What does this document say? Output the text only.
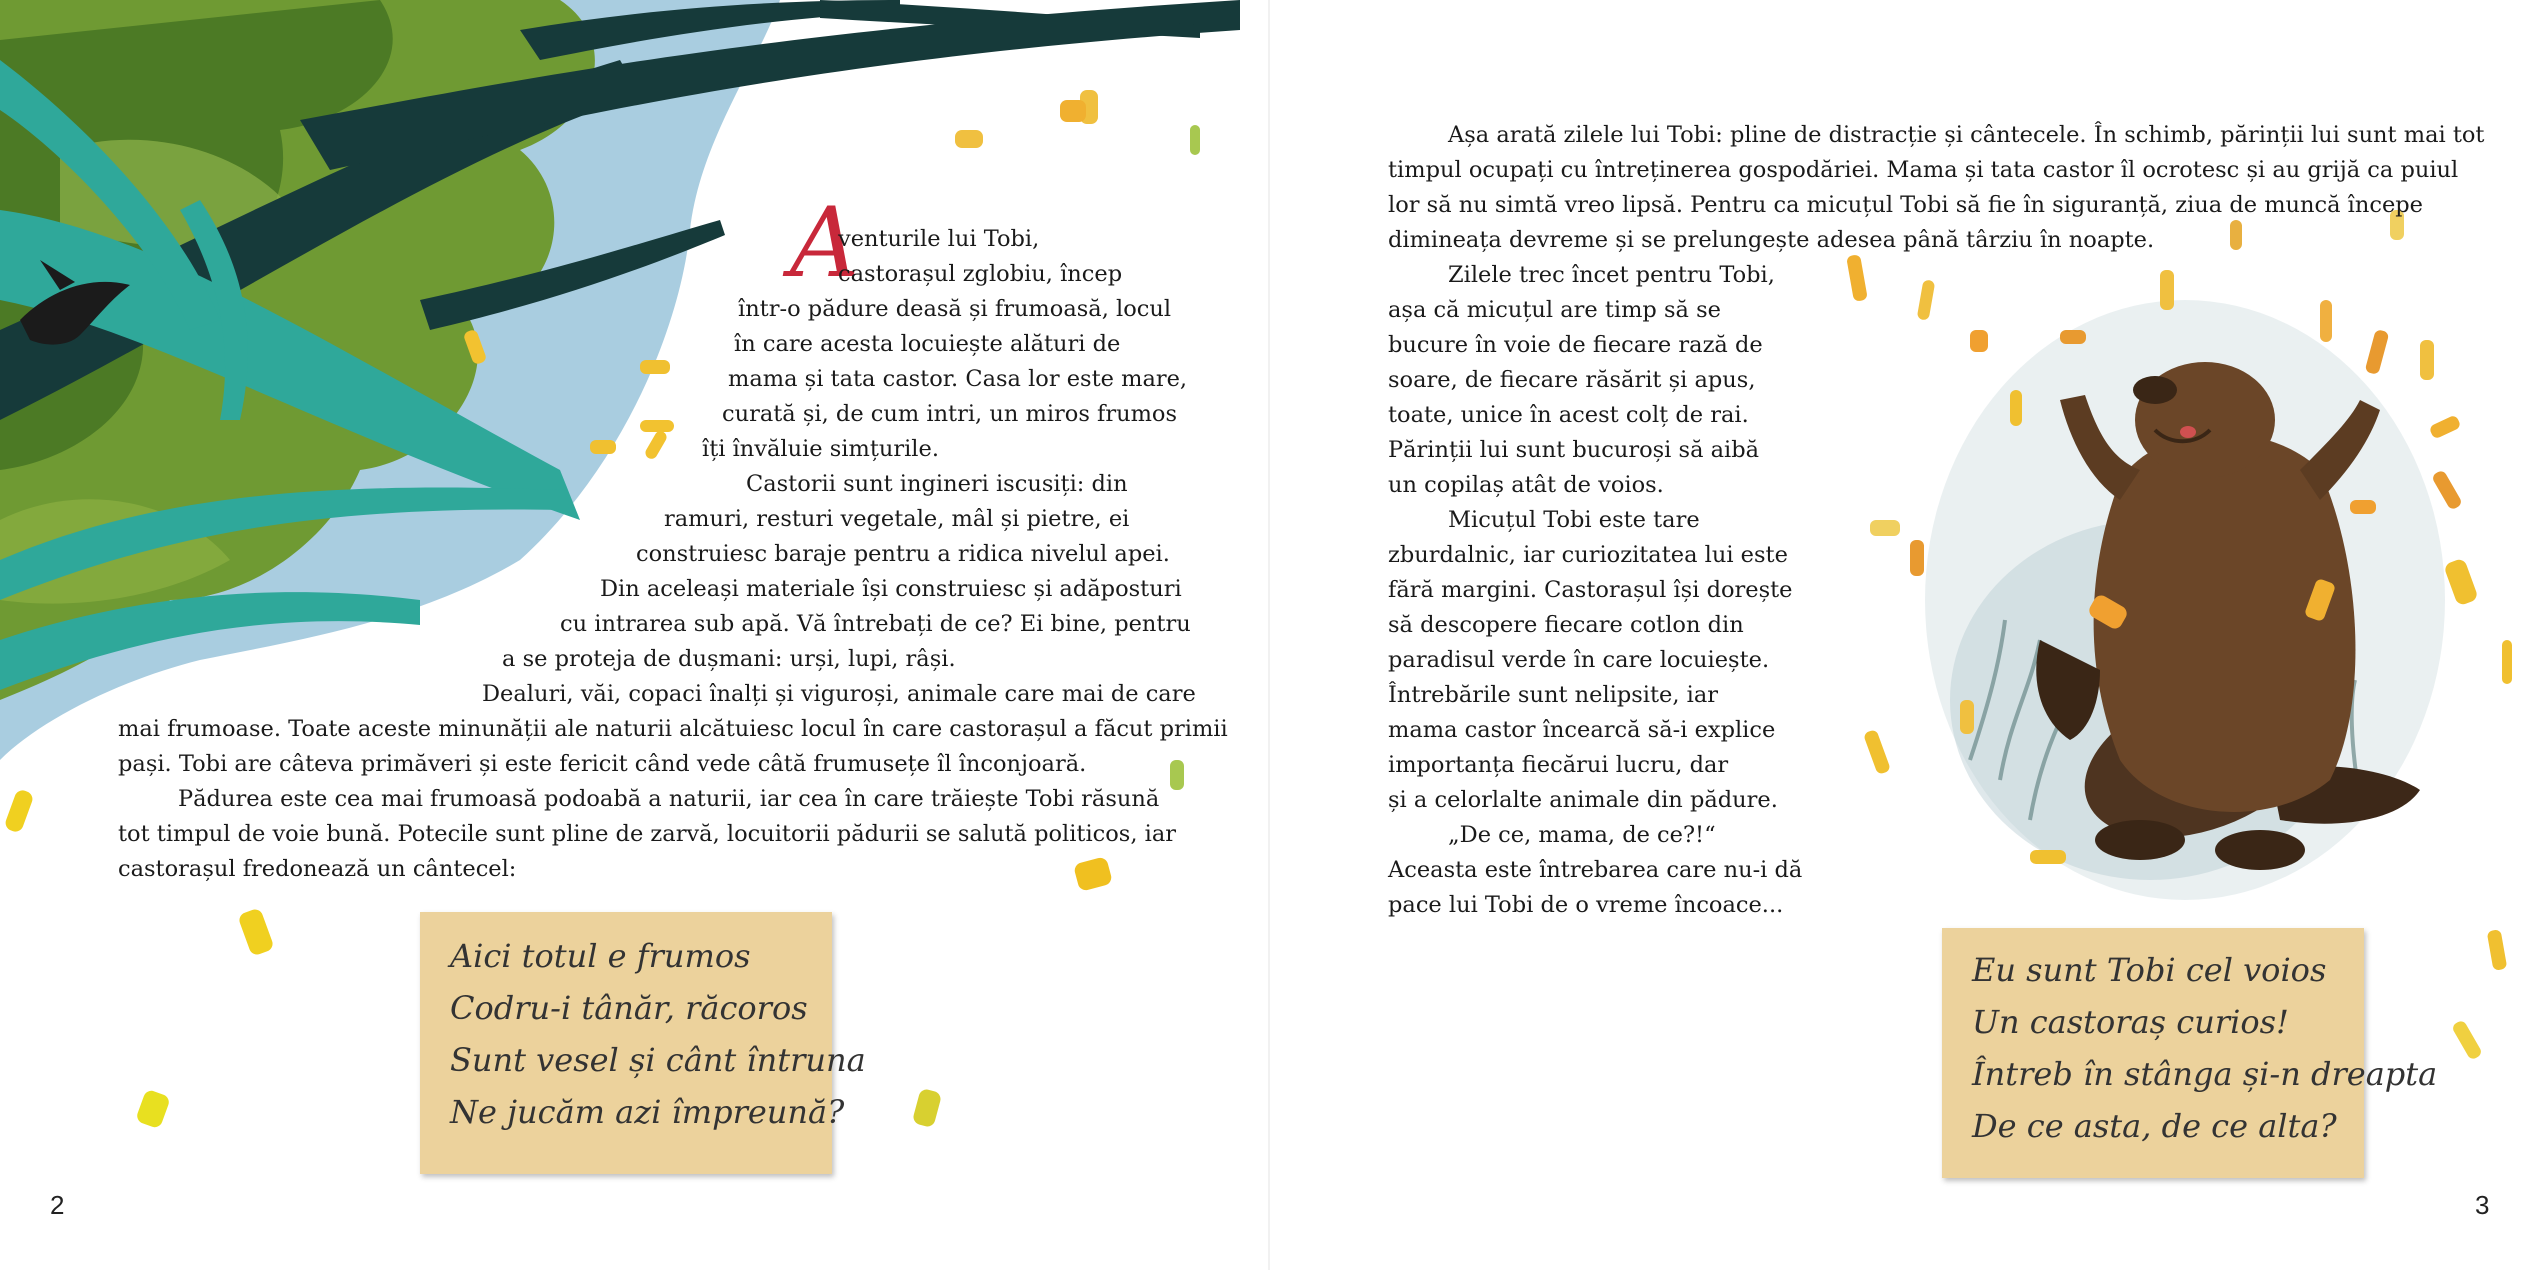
A
venturile lui Tobi,
castorașul zglobiu, încep
într-o pădure deasă și frumoasă, locul
în care acesta locuiește alături de
mama și tata castor. Casa lor este mare,
curată și, de cum intri, un miros frumos
îți învăluie simțurile.
Castorii sunt ingineri iscusiți: din
ramuri, resturi vegetale, mâl și pietre, ei
construiesc baraje pentru a ridica nivelul apei.
Din aceleași materiale își construiesc și adăposturi
cu intrarea sub apă. Vă întrebați de ce? Ei bine, pentru
a se proteja de dușmani: urși, lupi, râși.
Dealuri, văi, copaci înalți și viguroși, animale care mai de care
mai frumoase. Toate aceste minunății ale naturii alcătuiesc locul în care castorașul a făcut primii
pași. Tobi are câteva primăveri și este fericit când vede câtă frumusețe îl înconjoară.
Pădurea este cea mai frumoasă podoabă a naturii, iar cea în care trăiește Tobi răsună
tot timpul de voie bună. Potecile sunt pline de zarvă, locuitorii pădurii se salută politicos, iar
castorașul fredonează un cântecel:
Aici totul e frumos
Codru-i tânăr, răcoros
Sunt vesel și cânt întruna
Ne jucăm azi împreună?
2
Așa arată zilele lui Tobi: pline de distracție și cântecele. În schimb, părinții lui sunt mai tot
timpul ocupați cu întreținerea gospodăriei. Mama și tata castor îl ocrotesc și au grijă ca puiul
lor să nu simtă vreo lipsă. Pentru ca micuțul Tobi să fie în siguranță, ziua de muncă începe
dimineața devreme și se prelungește adesea până târziu în noapte.
Zilele trec încet pentru Tobi,
așa că micuțul are timp să se
bucure în voie de fiecare rază de
soare, de fiecare răsărit și apus,
toate, unice în acest colț de rai.
Părinții lui sunt bucuroși să aibă
un copilaș atât de voios.
Micuțul Tobi este tare
zburdalnic, iar curiozitatea lui este
fără margini. Castorașul își dorește
să descopere fiecare cotlon din
paradisul verde în care locuiește.
Întrebările sunt nelipsite, iar
mama castor încearcă să-i explice
importanța fiecărui lucru, dar
și a celorlalte animale din pădure.
„De ce, mama, de ce?!“
Aceasta este întrebarea care nu-i dă
pace lui Tobi de o vreme încoace...
Eu sunt Tobi cel voios
Un castoraș curios!
Întreb în stânga și-n dreapta
De ce asta, de ce alta?
3
